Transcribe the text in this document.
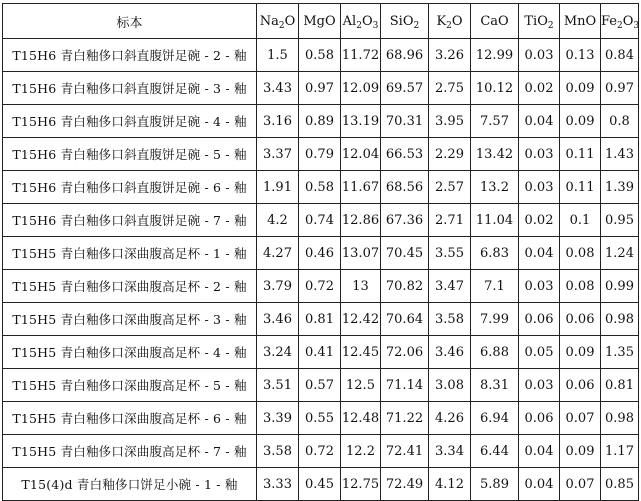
标本	$Na_2O$	MgO	$Al_2O_3$	SiO$_2$	$K_2O$	CaO	TiO$_2$	MnO	$Fe_2O_3$
T15H6 青白釉侈口斜直腹饼足碗 - 2 - 釉	1.5	0.58	11.72	68.96	3.26	12.99	0.03	0.13	0.84
T15H6 青白釉侈口斜直腹饼足碗 - 3 - 釉	3.43	0.97	12.09	69.57	2.75	10.12	0.02	0.09	0.97
T15H6 青白釉侈口斜直腹饼足碗 - 4 - 釉	3.16	0.89	13.19	70.31	3.95	7.57	0.04	0.09	0.8
T15H6 青白釉侈口斜直腹饼足碗 - 5 - 釉	3.37	0.79	12.04	66.53	2.29	13.42	0.03	0.11	1.43
T15H6 青白釉侈口斜直腹饼足碗 - 6 - 釉	1.91	0.58	11.67	68.56	2.57	13.2	0.03	0.11	1.39
T15H6 青白釉侈口斜直腹饼足碗 - 7 - 釉	4.2	0.74	12.86	67.36	2.71	11.04	0.02	0.1	0.95
T15H5 青白釉侈口深曲腹高足杯 - 1 - 釉	4.27	0.46	13.07	70.45	3.55	6.83	0.04	0.08	1.24
T15H5 青白釉侈口深曲腹高足杯 - 2 - 釉	3.79	0.72	13	70.82	3.47	7.1	0.03	0.08	0.99
T15H5 青白釉侈口深曲腹高足杯 - 3 - 釉	3.46	0.81	12.42	70.64	3.58	7.99	0.06	0.06	0.98
T15H5 青白釉侈口深曲腹高足杯 - 4 - 釉	3.24	0.41	12.45	72.06	3.46	6.88	0.05	0.09	1.35
T15H5 青白釉侈口深曲腹高足杯 - 5 - 釉	3.51	0.57	12.5	71.14	3.08	8.31	0.03	0.06	0.81
T15H5 青白釉侈口深曲腹高足杯 - 6 - 釉	3.39	0.55	12.48	71.22	4.26	6.94	0.06	0.07	0.98
T15H5 青白釉侈口深曲腹高足杯 - 7 - 釉	3.58	0.72	12.2	72.41	3.34	6.44	0.04	0.09	1.17
T15(4)d 青白釉侈口饼足小碗 - 1 - 釉	3.33	0.45	12.75	72.49	4.12	5.89	0.04	0.07	0.85
